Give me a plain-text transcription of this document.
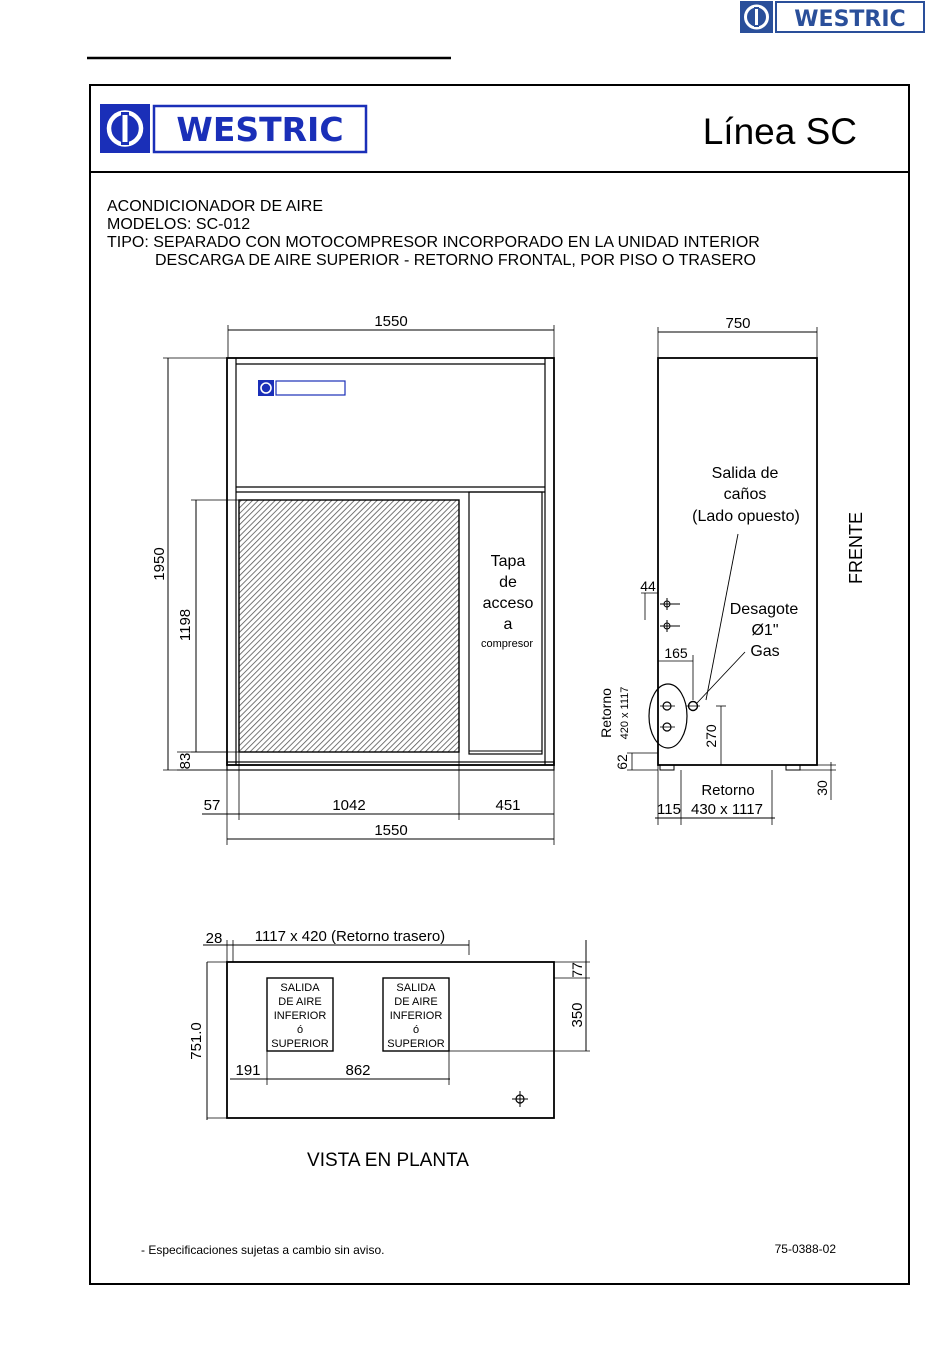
WESTRIC
WESTRIC	Línea SC
ACONDICIONADOR DE AIRE
MODELOS: SC-012
TIPO: SEPARADO CON MOTOCOMPRESOR INCORPORADO EN LA UNIDAD INTERIOR
DESCARGA DE AIRE SUPERIOR - RETORNO FRONTAL, POR PISO O TRASERO
1550
1950
1198
83
57	1042	451
1550
Tapa
de
acceso
a
compresor
750
Salida de
caños
(Lado opuesto)	FRENTE
44
Desagote
Ø1"
Gas
165
Retorno 420 x 1117
62
270
Retorno
115 430 x 1117
30
28 1117 x 420 (Retorno trasero)
751.0
77
350
191	862
SALIDA
DE AIRE
INFERIOR
ó
SUPERIOR
SALIDA
DE AIRE
INFERIOR
ó
SUPERIOR
VISTA EN PLANTA
- Especificaciones sujetas a cambio sin aviso.	75-0388-02
